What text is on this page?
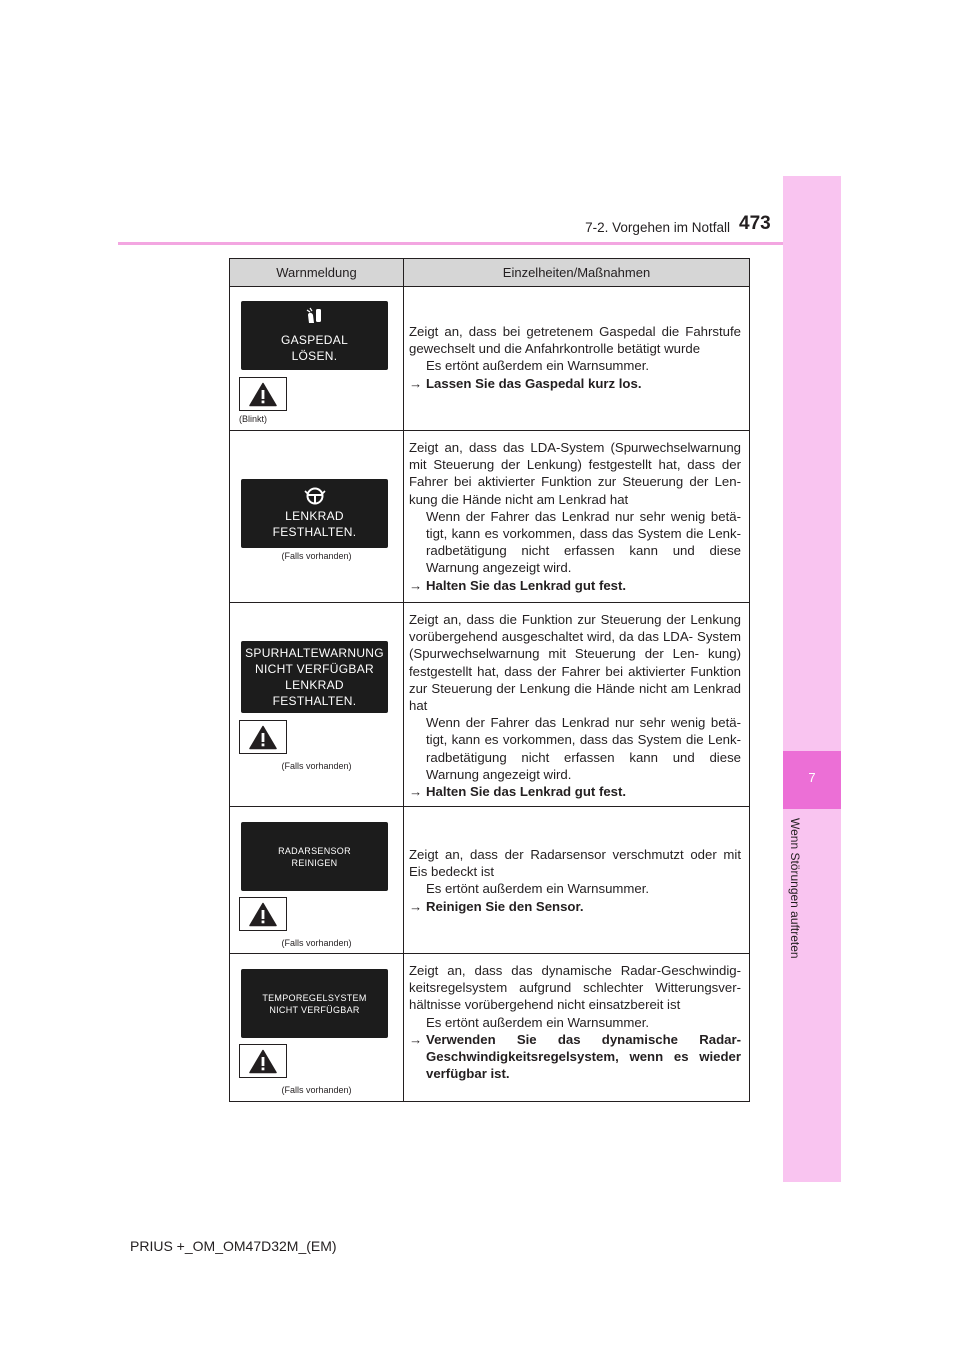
7-2. Vorgehen im Notfall 473
7
Wenn Störungen auftreten
Warnmeldung	Einzelheiten/Maßnahmen
GASPEDAL
LÖSEN.
(Blinkt)
Zeigt an, dass bei getretenem Gaspedal die Fahrstufe gewechselt und die Anfahrkontrolle betätigt wurde
Es ertönt außerdem ein Warnsummer.
→ Lassen Sie das Gaspedal kurz los.
LENKRAD
FESTHALTEN.
(Falls vorhanden)
Zeigt an, dass das LDA-System (Spurwechselwarnung mit Steuerung der Lenkung) festgestellt hat, dass der Fahrer bei aktivierter Funktion zur Steuerung der Len- kung die Hände nicht am Lenkrad hat
Wenn der Fahrer das Lenkrad nur sehr wenig betä- tigt, kann es vorkommen, dass das System die Lenk- radbetätigung nicht erfassen kann und diese Warnung angezeigt wird.
→ Halten Sie das Lenkrad gut fest.
SPURHALTEWARNUNG
NICHT VERFÜGBAR
LENKRAD
FESTHALTEN.
(Falls vorhanden)
Zeigt an, dass die Funktion zur Steuerung der Lenkung vorübergehend ausgeschaltet wird, da das LDA- System (Spurwechselwarnung mit Steuerung der Len- kung) festgestellt hat, dass der Fahrer bei aktivierter Funktion zur Steuerung der Lenkung die Hände nicht am Lenkrad hat
Wenn der Fahrer das Lenkrad nur sehr wenig betä- tigt, kann es vorkommen, dass das System die Lenk- radbetätigung nicht erfassen kann und diese Warnung angezeigt wird.
→ Halten Sie das Lenkrad gut fest.
RADARSENSOR
REINIGEN
(Falls vorhanden)
Zeigt an, dass der Radarsensor verschmutzt oder mit Eis bedeckt ist
Es ertönt außerdem ein Warnsummer.
→ Reinigen Sie den Sensor.
TEMPOREGELSYSTEM
NICHT VERFÜGBAR
(Falls vorhanden)
Zeigt an, dass das dynamische Radar-Geschwindig- keitsregelsystem aufgrund schlechter Witterungsver- hältnisse vorübergehend nicht einsatzbereit ist
Es ertönt außerdem ein Warnsummer.
→ Verwenden Sie das dynamische Radar- Geschwindigkeitsregelsystem, wenn es wieder verfügbar ist.
PRIUS +_OM_OM47D32M_(EM)
